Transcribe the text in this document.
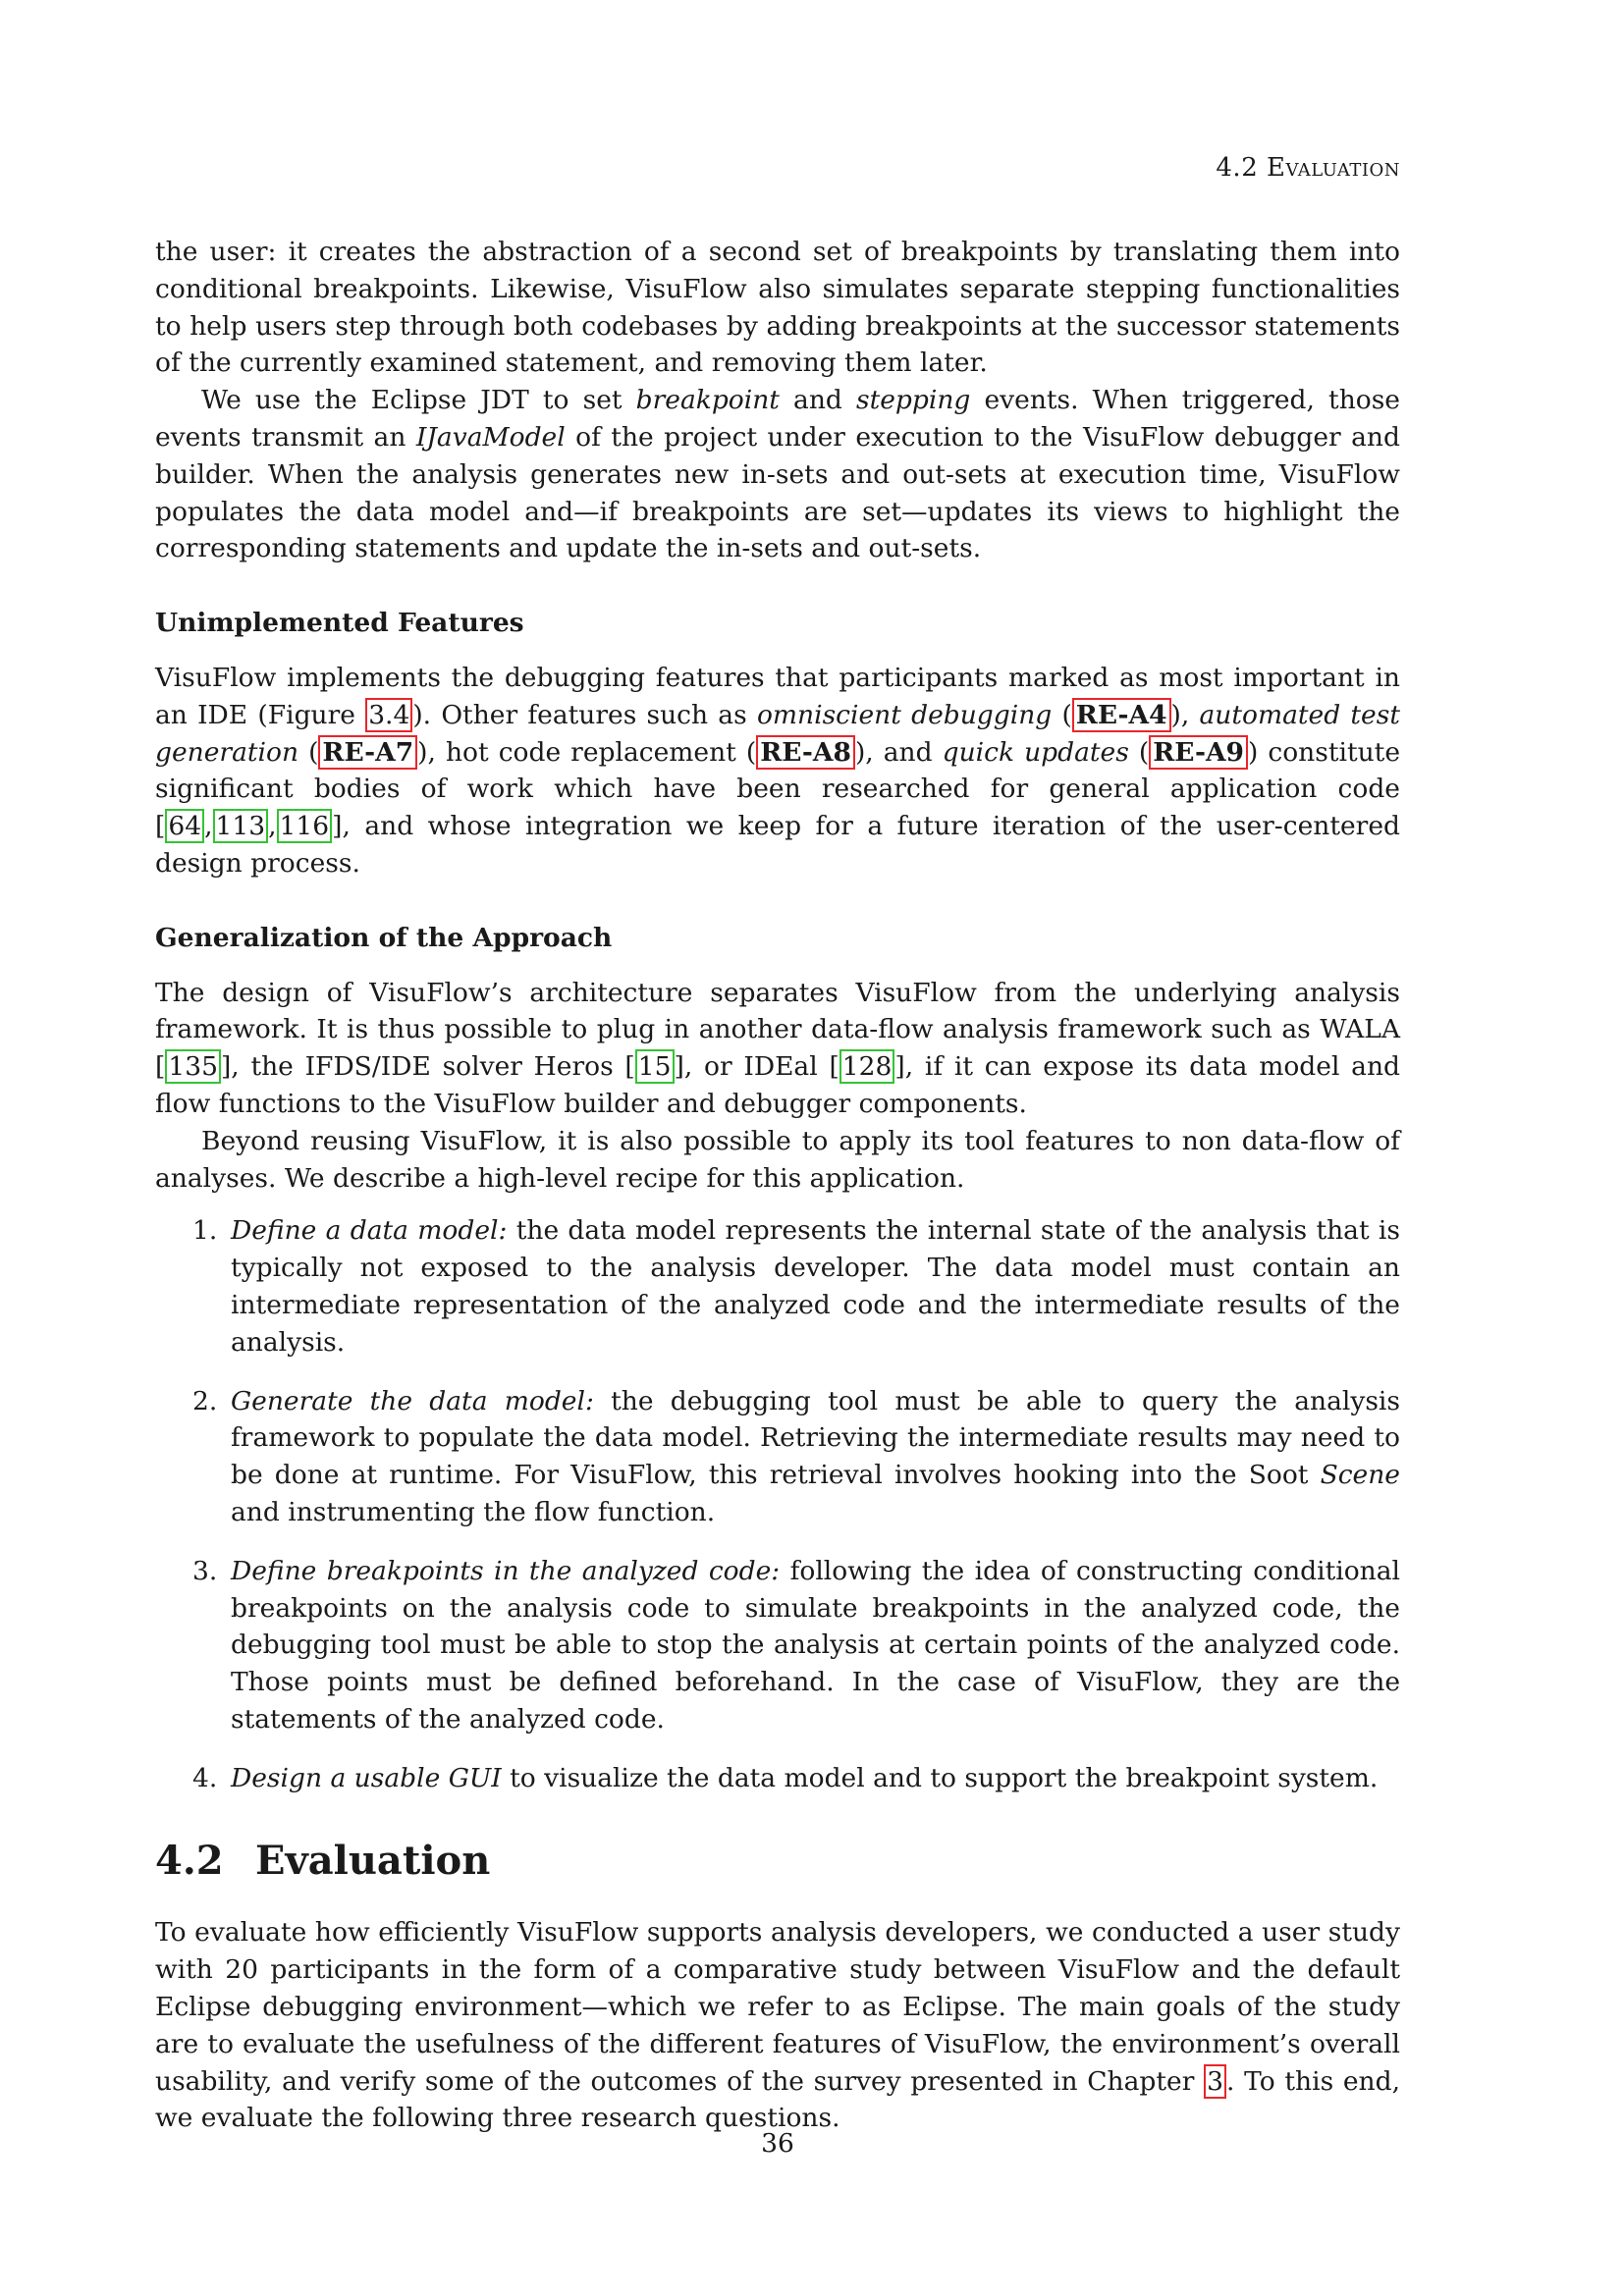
4.2 Evaluation

the user: it creates the abstraction of a second set of breakpoints by translating them into conditional breakpoints. Likewise, VisuFlow also simulates separate stepping functionalities to help users step through both codebases by adding breakpoints at the successor statements of the currently examined statement, and removing them later.

We use the Eclipse JDT to set breakpoint and stepping events. When triggered, those events transmit an IJavaModel of the project under execution to the VisuFlow debugger and builder. When the analysis generates new in-sets and out-sets at execution time, VisuFlow populates the data model and—if breakpoints are set—updates its views to highlight the corresponding statements and update the in-sets and out-sets.

Unimplemented Features

VisuFlow implements the debugging features that participants marked as most important in an IDE (Figure 3.4 ). Other features such as omniscient debugging ( RE-A4 ), automated test generation ( RE-A7 ), hot code replacement ( RE-A8 ), and quick updates ( RE-A9 ) constitute significant bodies of work which have been researched for general application code [ 64 , 113 , 116 ], and whose integration we keep for a future iteration of the user-centered design process.

Generalization of the Approach

The design of VisuFlow’s architecture separates VisuFlow from the underlying analysis framework. It is thus possible to plug in another data-flow analysis framework such as WALA [ 135 ], the IFDS/IDE solver Heros [ 15 ], or IDEal [ 128 ], if it can expose its data model and flow functions to the VisuFlow builder and debugger components.

Beyond reusing VisuFlow, it is also possible to apply its tool features to non data-flow of analyses. We describe a high-level recipe for this application.

1. Define a data model: the data model represents the internal state of the analysis that is typically not exposed to the analysis developer. The data model must contain an intermediate representation of the analyzed code and the intermediate results of the analysis.
2. Generate the data model: the debugging tool must be able to query the analysis framework to populate the data model. Retrieving the intermediate results may need to be done at runtime. For VisuFlow, this retrieval involves hooking into the Soot Scene and instrumenting the flow function.
3. Define breakpoints in the analyzed code: following the idea of constructing conditional breakpoints on the analysis code to simulate breakpoints in the analyzed code, the debugging tool must be able to stop the analysis at certain points of the analyzed code. Those points must be defined beforehand. In the case of VisuFlow, they are the statements of the analyzed code.
4. Design a usable GUI to visualize the data model and to support the breakpoint system.
4.2 Evaluation

To evaluate how efficiently VisuFlow supports analysis developers, we conducted a user study with 20 participants in the form of a comparative study between VisuFlow and the default Eclipse debugging environment—which we refer to as Eclipse. The main goals of the study are to evaluate the usefulness of the different features of VisuFlow, the environment’s overall usability, and verify some of the outcomes of the survey presented in Chapter 3 . To this end, we evaluate the following three research questions.

36
